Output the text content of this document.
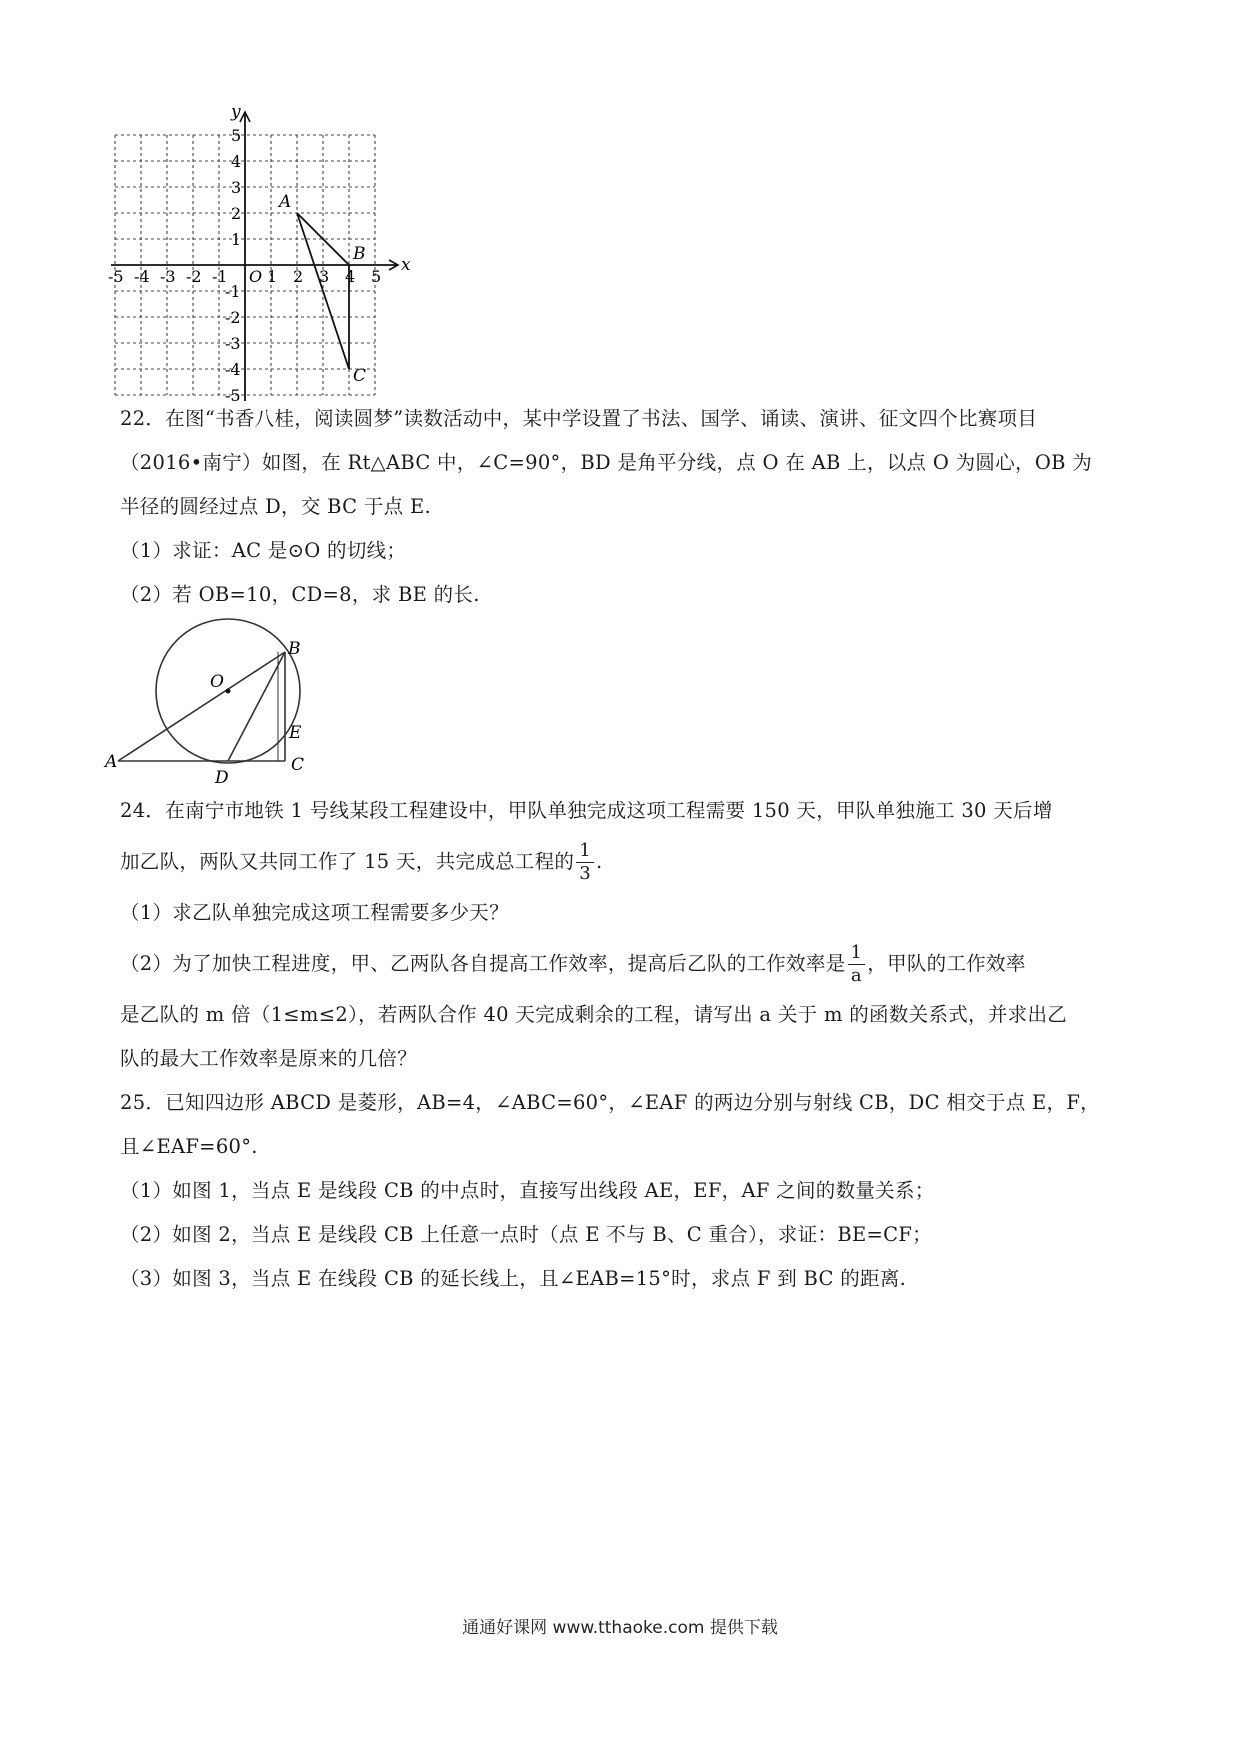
x
y
O
-5 -4 -3 -2 -1 1 2 3 4 5
1
2
3
4
5
-1
-2
-3
-4
-5
A
B
C
22．在图“书香八桂，阅读圆梦”读数活动中，某中学设置了书法、国学、诵读、演讲、征文四个比赛项目
（2016•南宁）如图，在 Rt△ABC 中，∠C=90°，BD 是角平分线，点 O 在 AB 上，以点 O 为圆心，OB 为
半径的圆经过点 D，交 BC 于点 E.
（1）求证：AC 是⊙O 的切线；
（2）若 OB=10，CD=8，求 BE 的长.
O
B
A
D
C
E
24．在南宁市地铁 1 号线某段工程建设中，甲队单独完成这项工程需要 150 天，甲队单独施工 30 天后增
加乙队，两队又共同工作了 15 天，共完成总工程的 $\frac{1}{3}$ .
（1）求乙队单独完成这项工程需要多少天？
（2）为了加快工程进度，甲、乙两队各自提高工作效率，提高后乙队的工作效率是 $\frac{1}{a}$ ，甲队的工作效率
是乙队的 m 倍（1≤m≤2），若两队合作 40 天完成剩余的工程，请写出 a 关于 m 的函数关系式，并求出乙
队的最大工作效率是原来的几倍？
25．已知四边形 ABCD 是菱形，AB=4，∠ABC=60°，∠EAF 的两边分别与射线 CB，DC 相交于点 E，F，
且∠EAF=60°.
（1）如图 1，当点 E 是线段 CB 的中点时，直接写出线段 AE，EF，AF 之间的数量关系；
（2）如图 2，当点 E 是线段 CB 上任意一点时（点 E 不与 B、C 重合），求证：BE=CF；
（3）如图 3，当点 E 在线段 CB 的延长线上，且∠EAB=15°时，求点 F 到 BC 的距离.
通通好课网 www.tthaoke.com 提供下载
